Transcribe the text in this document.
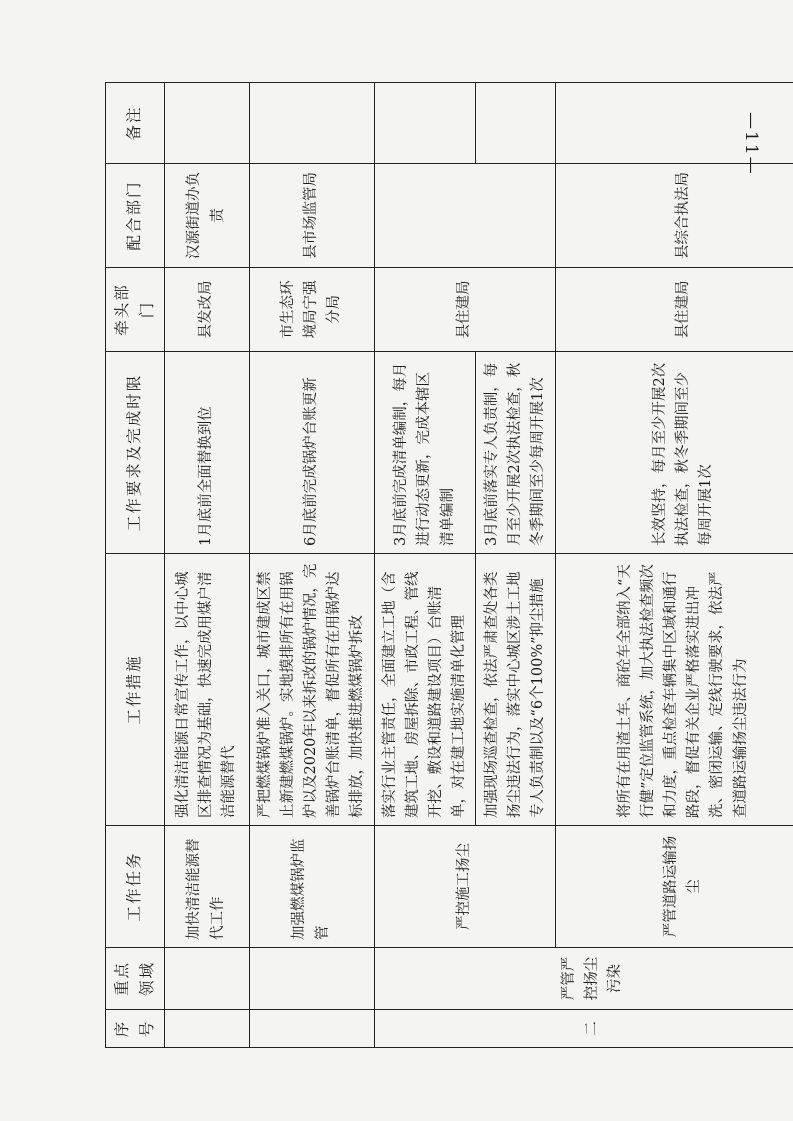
序号	重点领域	工作任务	工作措施	工作要求及完成时限	牵头部门	配合部门	备注
		加快清洁能源替代工作	强化清洁能源日常宣传工作，以中心城区排查情况为基础，快速完成用煤户清洁能源替代	1月底前全面替换到位	县发改局	汉源街道办负责	
		加强燃煤锅炉监管	严把燃煤锅炉准入关口，城市建成区禁止新建燃煤锅炉。实地摸排所有在用锅炉以及2020年以来拆改的锅炉情况，完善锅炉台账清单，督促所有在用锅炉达标排放，加快推进燃煤锅炉拆改	6月底前完成锅炉台账更新	市生态环境局宁强分局	县市场监管局	
二	严管严控扬尘污染	严控施工扬尘	落实行业主管责任，全面建立工地（含建筑工地、房屋拆除、市政工程、管线开挖、敷设和道路建设项目）台账清单，对在建工地实施清单化管理	3月底前完成清单编制，每月进行动态更新，完成本辖区清单编制	县住建局		
			加强现场巡查检查，依法严肃查处各类扬尘违法行为，落实中心城区涉土工地专人负责制以及“6个100%”抑尘措施	3月底前落实专人负责制，每月至少开展2次执法检查，秋冬季期间至少每周开展1次			
		严管道路运输扬尘	将所有在用渣土车、商砼车全部纳入“天行健”定位监管系统，加大执法检查频次和力度，重点检查车辆集中区域和通行路段，督促有关企业严格落实进出冲洗、密闭运输、定线行驶要求，依法严查道路运输扬尘违法行为	长效坚持，每月至少开展2次执法检查，秋冬季期间至少每周开展1次	县住建局	县综合执法局	
—11—
